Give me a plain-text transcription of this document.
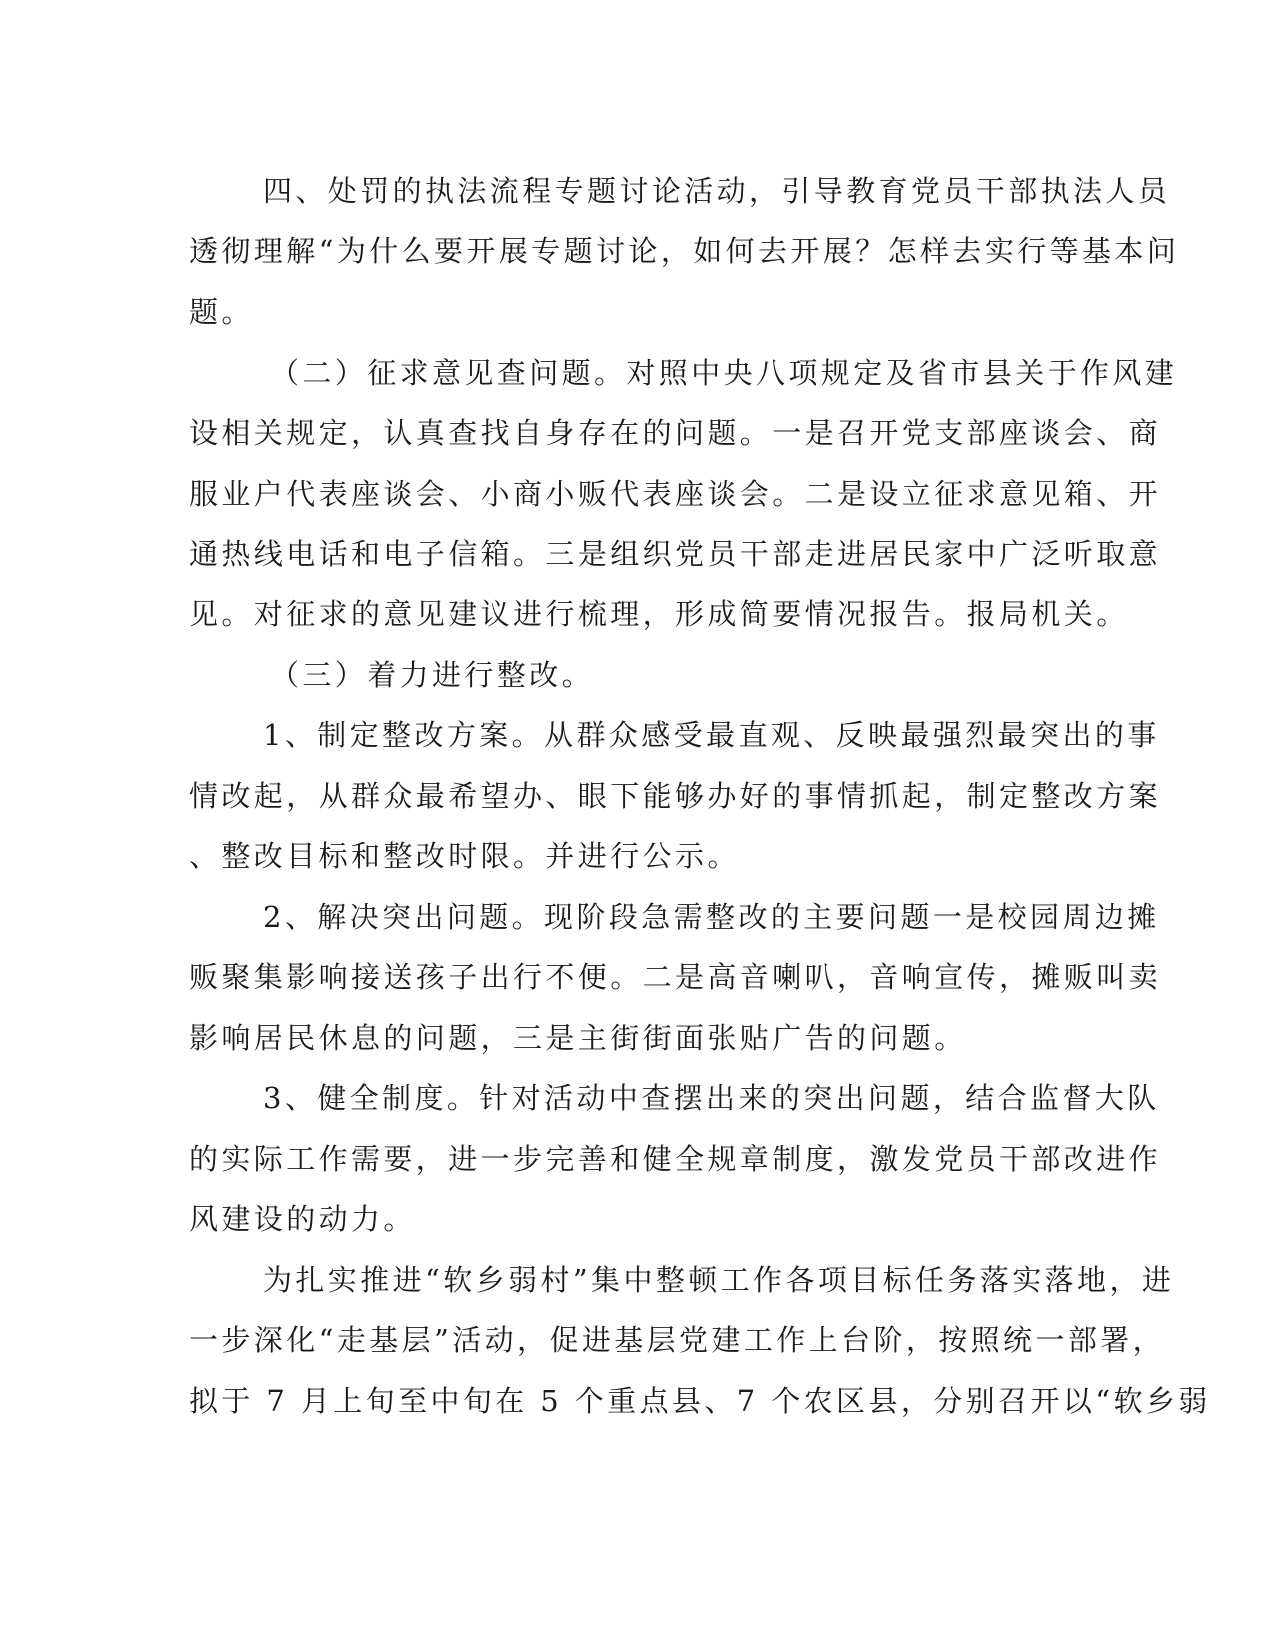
四、处罚的执法流程专题讨论活动，引导教育党员干部执法人员
透彻理解“为什么要开展专题讨论，如何去开展？怎样去实行等基本问
题。
（二）征求意见查问题。对照中央八项规定及省市县关于作风建
设相关规定，认真查找自身存在的问题。一是召开党支部座谈会、商
服业户代表座谈会、小商小贩代表座谈会。二是设立征求意见箱、开
通热线电话和电子信箱。三是组织党员干部走进居民家中广泛听取意
见。对征求的意见建议进行梳理，形成简要情况报告。报局机关。
（三）着力进行整改。
1、制定整改方案。从群众感受最直观、反映最强烈最突出的事
情改起，从群众最希望办、眼下能够办好的事情抓起，制定整改方案
、整改目标和整改时限。并进行公示。
2、解决突出问题。现阶段急需整改的主要问题一是校园周边摊
贩聚集影响接送孩子出行不便。二是高音喇叭，音响宣传，摊贩叫卖
影响居民休息的问题，三是主街街面张贴广告的问题。
3、健全制度。针对活动中查摆出来的突出问题，结合监督大队
的实际工作需要，进一步完善和健全规章制度，激发党员干部改进作
风建设的动力。
为扎实推进“软乡弱村”集中整顿工作各项目标任务落实落地，进
一步深化“走基层”活动，促进基层党建工作上台阶，按照统一部署，
拟于 7 月上旬至中旬在 5 个重点县、7 个农区县，分别召开以“软乡弱
